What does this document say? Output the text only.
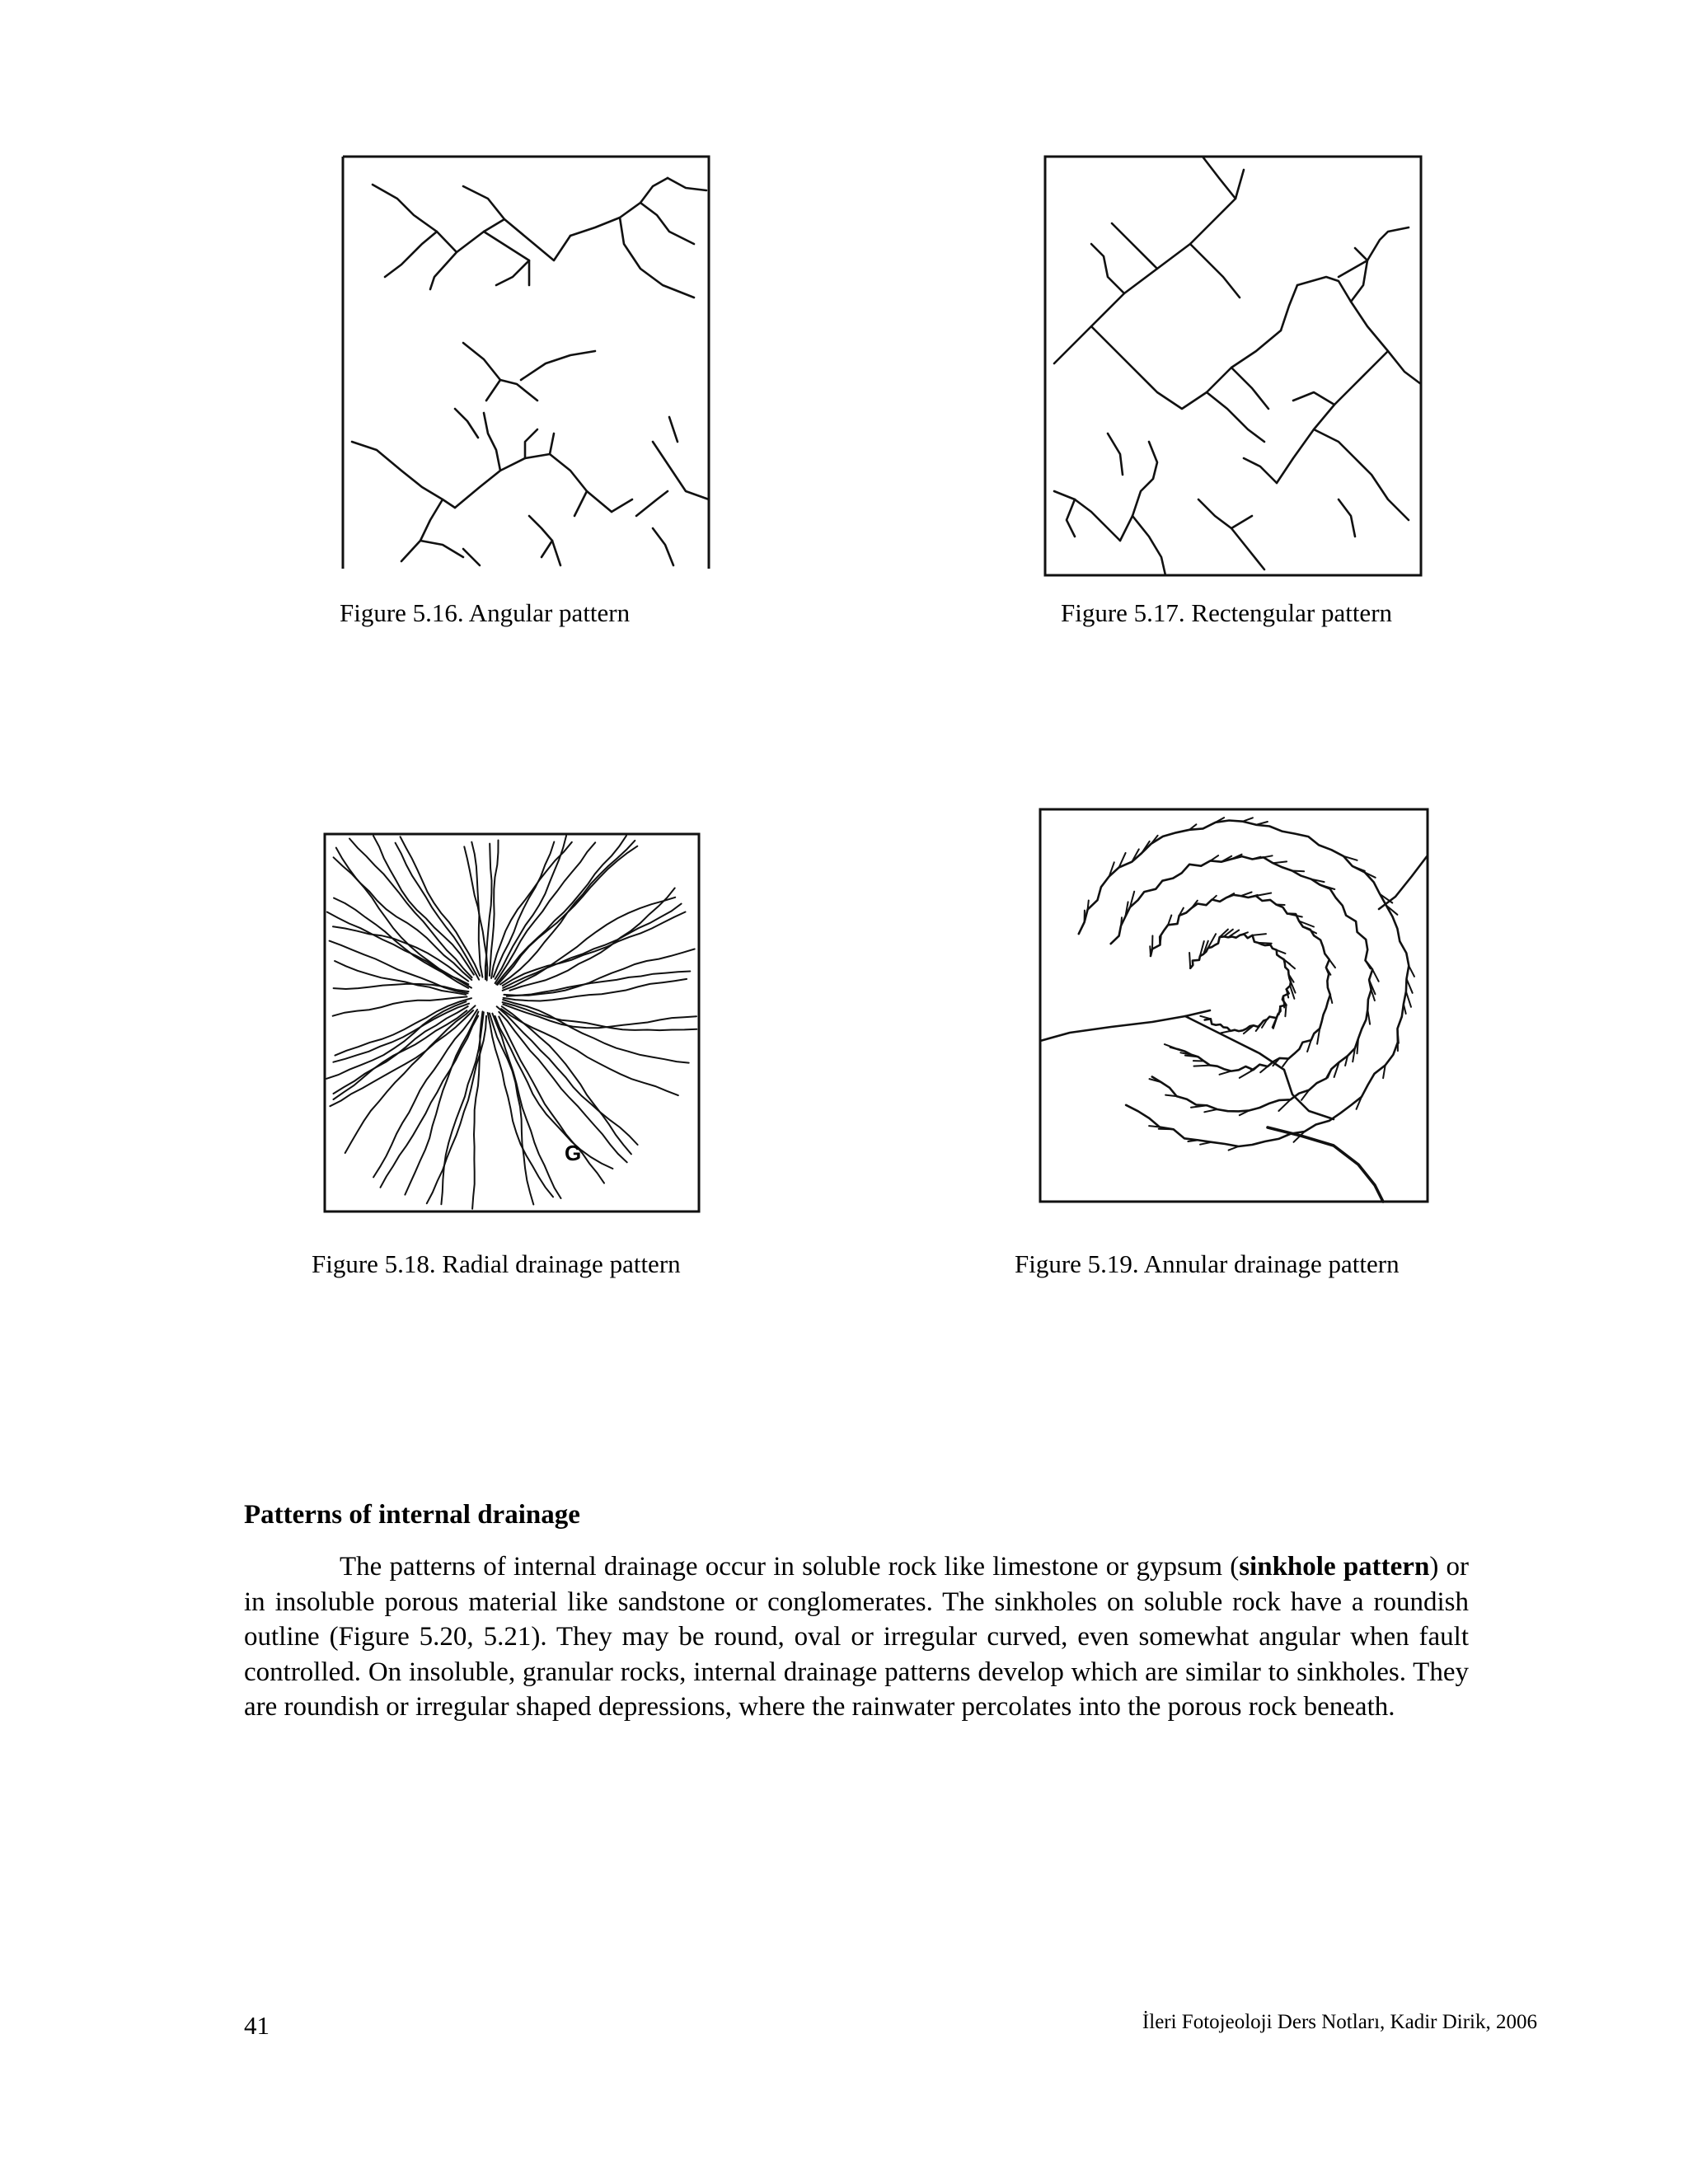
Figure 5.16. Angular pattern	Figure 5.17. Rectengular pattern
G
Figure 5.18. Radial drainage pattern	Figure 5.19. Annular drainage pattern
Patterns of internal drainage

The patterns of internal drainage occur in soluble rock like limestone or gypsum (sinkhole pattern) or in insoluble porous material like sandstone or conglomerates. The sinkholes on soluble rock have a roundish outline (Figure 5.20, 5.21). They may be round, oval or irregular curved, even somewhat angular when fault controlled. On insoluble, granular rocks, internal drainage patterns develop which are similar to sinkholes. They are roundish or irregular shaped depressions, where the rainwater percolates into the porous rock beneath.

41	İleri Fotojeoloji Ders Notları, Kadir Dirik, 2006
